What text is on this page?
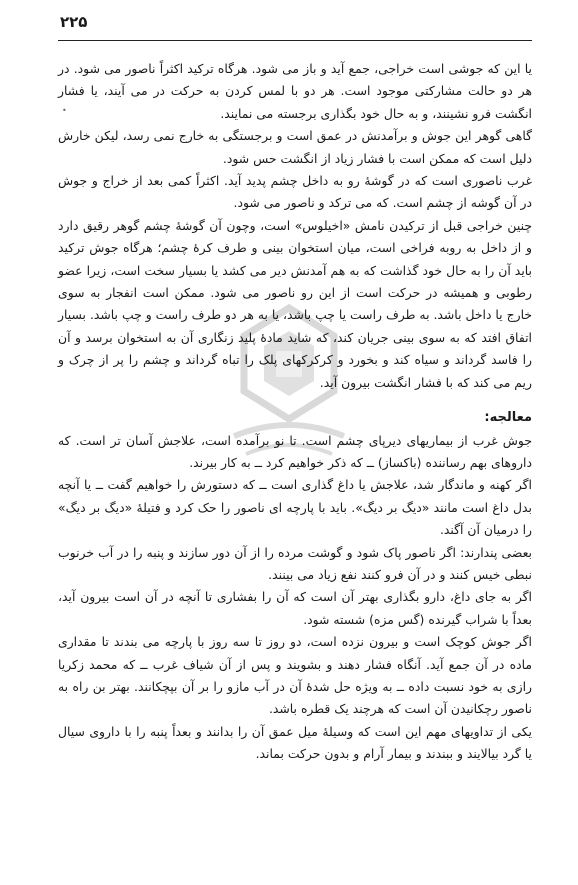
۲۲۵
•

یا این که جوشی است خراجی، جمع آید و باز می شود. هرگاه ترکید اکثراً ناصور می شود. در هر دو حالت مشارکتی موجود است. هر دو با لمس کردن به حرکت در می آیند، یا فشار انگشت فرو نشینند، و به حال خود بگذاری برجسته می نمایند.

گاهی گوهر این جوش و برآمدنش در عمق است و برجستگی به خارج نمی رسد، لیکن خارش دلیل است که ممکن است با فشار زیاد از انگشت حس شود.

غرب ناصوری است که در گوشهٔ رو به داخل چشم پدید آید. اکثراً کمی بعد از خراج و جوش در آن گوشه از چشم است. که می ترکد و ناصور می شود.

چنین خراجی قبل از ترکیدن نامش «اخیلوس» است، وچون آن گوشهٔ چشم گوهر رقیق دارد و از داخل به روبه فراخی است، میان استخوان بینی و طرف کرهٔ چشم؛ هرگاه جوش ترکید باید آن را به حال خود گذاشت که به هم آمدنش دیر می کشد یا بسیار سخت است، زیرا عضو رطوبی و همیشه در حرکت است از این رو ناصور می شود. ممکن است انفجار به سوی خارج یا داخل باشد. به طرف راست یا چپ باشد، یا به هر دو طرف راست و چپ باشد. بسیار اتفاق افتد که به سوی بینی جریان کند، که شاید مادهٔ پلید زنگاری آن به استخوان برسد و آن را فاسد گرداند و سیاه کند و بخورد و کرکرکهای پلک را تباه گرداند و چشم را پر از چرک و ریم می کند که با فشار انگشت بیرون آید.

معالجه:

جوش غرب از بیماریهای دیرپای چشم است. تا نو برآمده است، علاجش آسان تر است. که داروهای بهم رساننده (باکساز) ــ که ذکر خواهیم کرد ــ به کار بیرند.

اگر کهنه و ماندگار شد، علاجش یا داغ گذاری است ــ که دستورش را خواهیم گفت ــ یا آنچه بدل داغ است مانند «دیگ بر دیگ». باید با پارچه ای ناصور را حک کرد و فتیلهٔ «دیگ بر دیگ» را درمیان آن آگند.

بعضی پندارند: اگر ناصور پاک شود و گوشت مرده را از آن دور سازند و پنبه را در آب خرنوب نبطی خیس کنند و در آن فرو کنند نفع زیاد می بینند.

اگر به جای داغ، دارو بگذاری بهتر آن است که آن را بفشاری تا آنچه در آن است بیرون آید، بعداً با شراب گیرنده (گس مزه) شسته شود.

اگر جوش کوچک است و بیرون نزده است، دو روز تا سه روز با پارچه می بندند تا مقداری ماده در آن جمع آید. آنگاه فشار دهند و بشویند و پس از آن شیاف غرب ــ که محمد زکریا رازی به خود نسبت داده ــ به ویژه حل شدهٔ آن در آب مازو را بر آن بپچکانند. بهتر بن راه به ناصور رچکانیدن آن است که هرچند یک قطره باشد.

یکی از تداویهای مهم این است که وسیلهٔ میل عمق آن را بدانند و بعداً پنبه را با داروی سیال یا گرد بیالایند و ببندند و بیمار آرام و بدون حرکت بماند.
